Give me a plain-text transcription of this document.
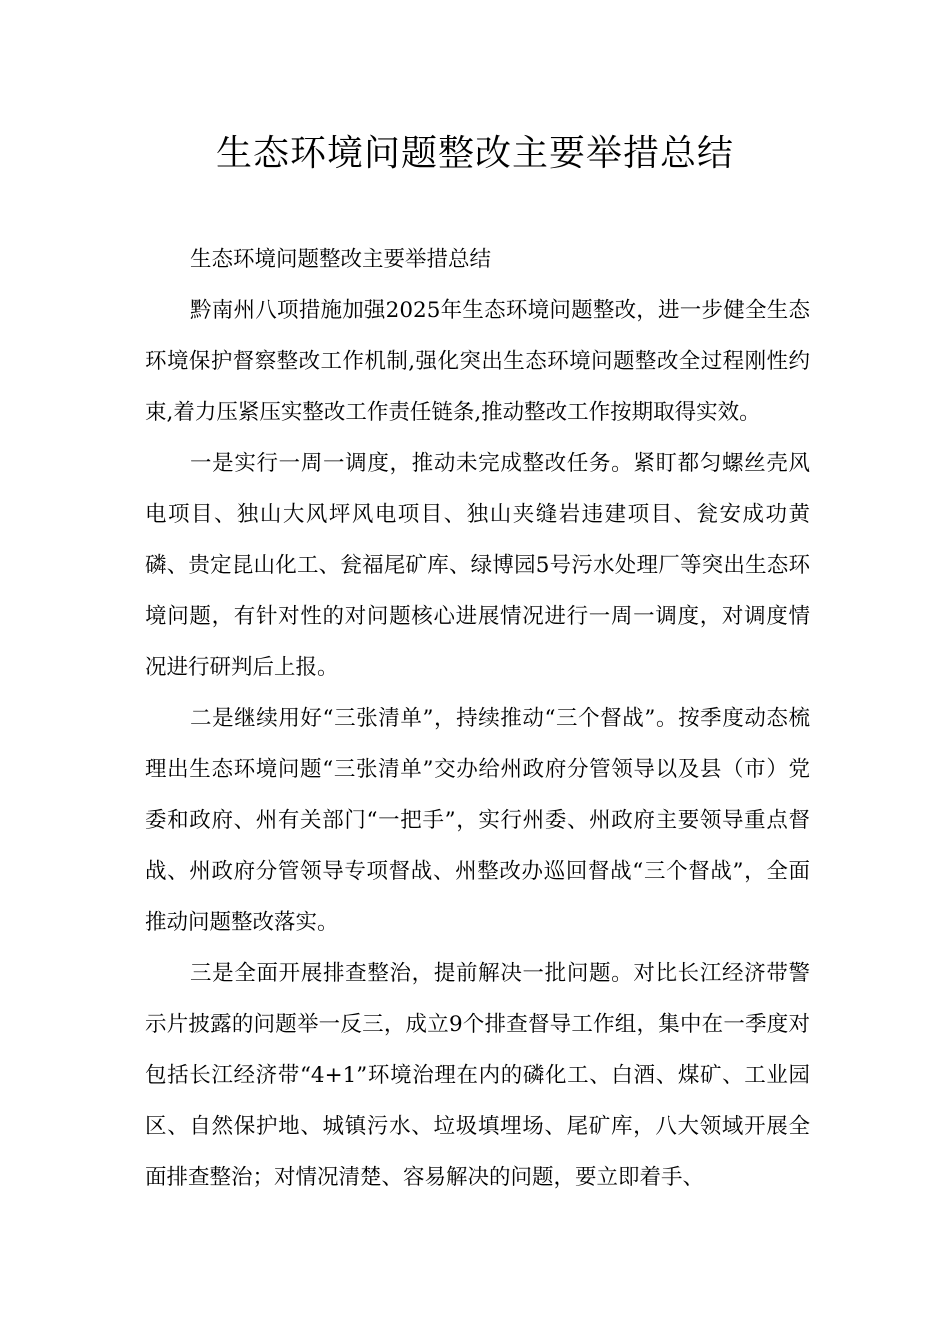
生态环境问题整改主要举措总结

生态环境问题整改主要举措总结

黔南州八项措施加强2025年生态环境问题整改，进一步健全生态环境保护督察整改工作机制,强化突出生态环境问题整改全过程刚性约束,着力压紧压实整改工作责任链条,推动整改工作按期取得实效。

一是实行一周一调度，推动未完成整改任务。紧盯都匀螺丝壳风电项目、独山大风坪风电项目、独山夹缝岩违建项目、瓮安成功黄磷、贵定昆山化工、瓮福尾矿库、绿博园5号污水处理厂等突出生态环境问题，有针对性的对问题核心进展情况进行一周一调度，对调度情况进行研判后上报。

二是继续用好“三张清单”，持续推动“三个督战”。按季度动态梳理出生态环境问题“三张清单”交办给州政府分管领导以及县（市）党委和政府、州有关部门“一把手”，实行州委、州政府主要领导重点督战、州政府分管领导专项督战、州整改办巡回督战“三个督战”，全面推动问题整改落实。

三是全面开展排查整治，提前解决一批问题。对比长江经济带警示片披露的问题举一反三，成立9个排查督导工作组，集中在一季度对包括长江经济带“4+1”环境治理在内的磷化工、白酒、煤矿、工业园区、自然保护地、城镇污水、垃圾填埋场、尾矿库，八大领域开展全面排查整治；对情况清楚、容易解决的问题，要立即着手、
